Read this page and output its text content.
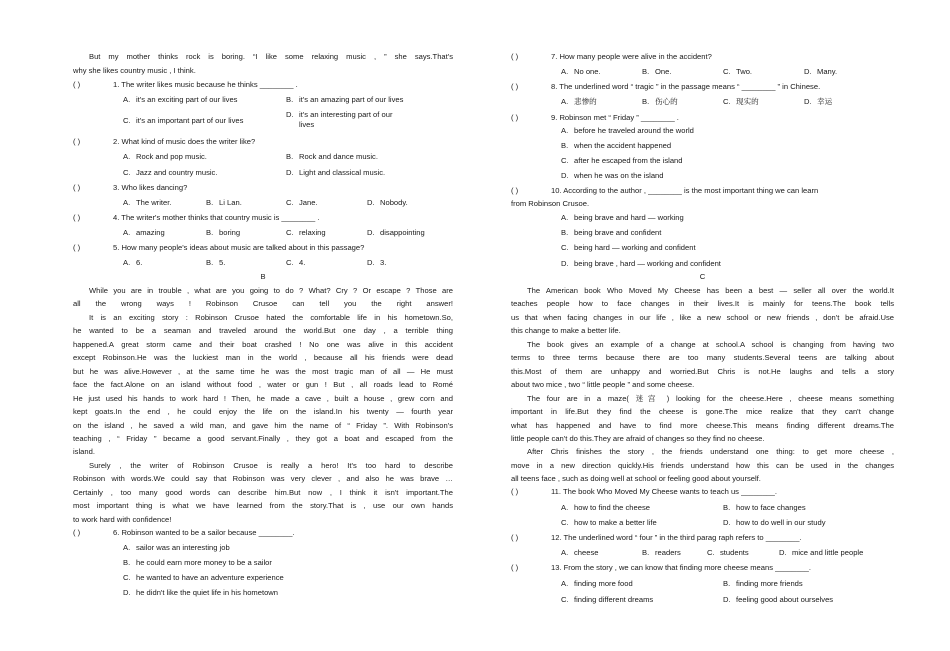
But my mother thinks rock is boring. “I like some relaxing music , ” she says.That's
why she likes country music , I think.
( )	1. The writer likes music because he thinks ________ .
A. it's an exciting part of our lives	B. it's an amazing part of our lives
C. it's an important part of our lives
D. it's an interesting part of our lives
( )	2. What kind of music does the writer like?
A. Rock and pop music.	B. Rock and dance music.
C. Jazz and country music.	D. Light and classical music.
( )	3. Who likes dancing?
A. The writer.	B. Li Lan.	C. Jane.	D. Nobody.
( )	4. The writer's mother thinks that country music is ________ .
A. amazing	B. boring	C. relaxing	D. disappointing
( )	5. How many people's ideas about music are talked about in this passage?
A. 6.	B. 5.	C. 4.	D. 3.
B
While you are in trouble , what are you going to do ? What? Cry ? Or escape ? Those are
all the wrong ways ! Robinson Crusoe can tell you the right answer!
It is an exciting story : Robinson Crusoe hated the comfortable life in his hometown.So,
he wanted to be a seaman and traveled around the world.But one day , a terrible thing
happened.A great storm came and their boat crashed ! No one was alive in this accident
except Robinson.He was the luckiest man in the world , because all his friends were dead
but he was alive.However , at the same time he was the most tragic man of all — He must
face the fact.Alone on an island without food , water or gun ! But , all roads lead to Romé
He just used his hands to work hard ! Then, he made a cave , built a house , grew corn and
kept goats.In the end , he could enjoy the life on the island.In his twenty — fourth year
on the island , he saved a wild man, and gave him the name of “ Friday ”. With Robinson's
teaching , “ Friday ” became a good servant.Finally , they got a boat and escaped from the
island.
Surely , the writer of Robinson Crusoe is really a hero! It's too hard to describe
Robinson with words.We could say that Robinson was very clever , and also he was brave …
Certainly , too many good words can describe him.But now , I think it isn't important.The
most important thing is what we have learned from the story.That is , use our own hands
to work hard with confidence!
( )	6. Robinson wanted to be a sailor because ________.
A. sailor was an interesting job
B. he could earn more money to be a sailor
C. he wanted to have an adventure experience
D. he didn't like the quiet life in his hometown
( )	7. How many people were alive in the accident?
A. No one.	B. One.	C. Two.	D. Many.
( )	8. The underlined word “ tragic ” in the passage means “ ________ ” in Chinese.
A. 悲惨的	B. 伤心的	C. 现实的	D. 幸运
( )	9. Robinson met “ Friday ” ________ .
A. before he traveled around the world
B. when the accident happened
C. after he escaped from the island
D. when he was on the island
( )	10. According to the author , ________ is the most important thing we can learn
from Robinson Crusoe.
A. being brave and hard — working
B. being brave and confident
C. being hard — working and confident
D. being brave , hard — working and confident
C
The American book Who Moved My Cheese has been a best — seller all over the world.It
teaches people how to face changes in their lives.It is mainly for teens.The book tells
us that when facing changes in our life , like a new school or new friends , don't be afraid.Use
this change to make a better life.
The book gives an example of a change at school.A school is changing from having two
terms to three terms because there are too many students.Several teens are talking about
this.Most of them are unhappy and worried.But Chris is not.He laughs and tells a story
about two mice , two “ little people ” and some cheese.
The four are in a maze( 迷宫 ) looking for the cheese.Here , cheese means something
important in life.But they find the cheese is gone.The mice realize that they can't change
what has happened and have to find more cheese.This means finding different dreams.The
little people can't do this.They are afraid of changes so they find no cheese.
After Chris finishes the story , the friends understand one thing: to get more cheese ,
move in a new direction quickly.His friends understand how this can be used in the changes
all teens face , such as doing well at school or feeling good about yourself.
( )	11. The book Who Moved My Cheese wants to teach us ________.
A. how to find the cheese	B. how to face changes
C. how to make a better life	D. how to do well in our study
( )	12. The underlined word “ four ” in the third parag raph refers to ________.
A. cheese	B. readers	C. students	D. mice and little people
( )	13. From the story , we can know that finding more cheese means ________.
A. finding more food	B. finding more friends
C. finding different dreams	D. feeling good about ourselves
